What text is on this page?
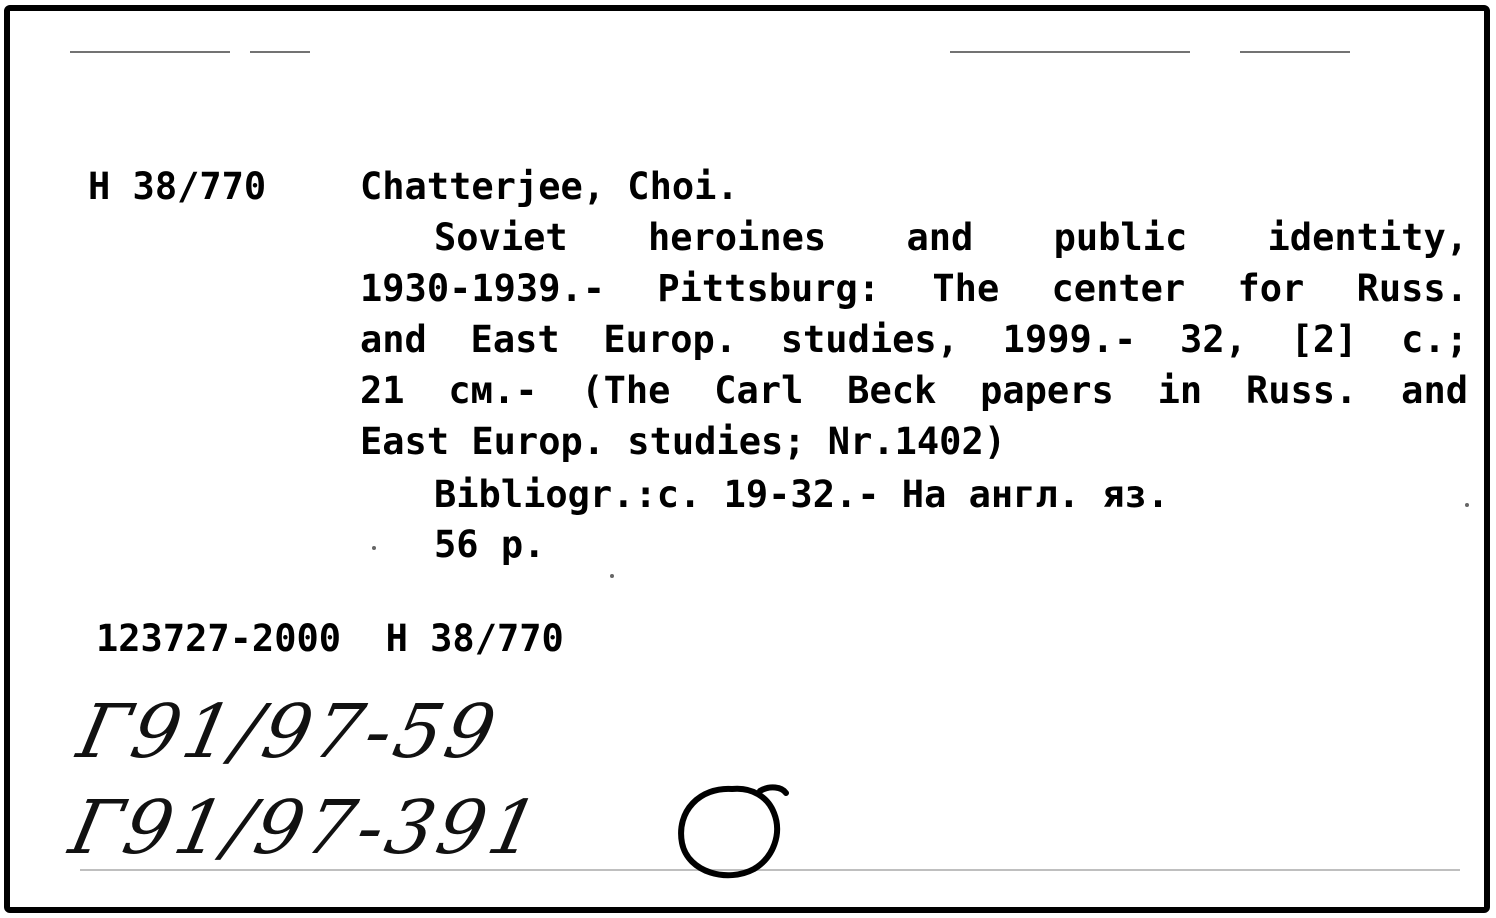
Н 38/770	Chatterjee, Choi.
Soviet heroines and public identity,
1930-1939.- Pittsburg: The center for Russ.
and East Europ. studies, 1999.- 32, [2] c.;
21 см.- (The Carl Beck papers in Russ. and
East Europ. studies; Nr.1402)
Bibliogr.:c. 19-32.- На англ. яз.
56 р.
123727-2000  Н 38/770
Г91/97-59
Г91/97-391
